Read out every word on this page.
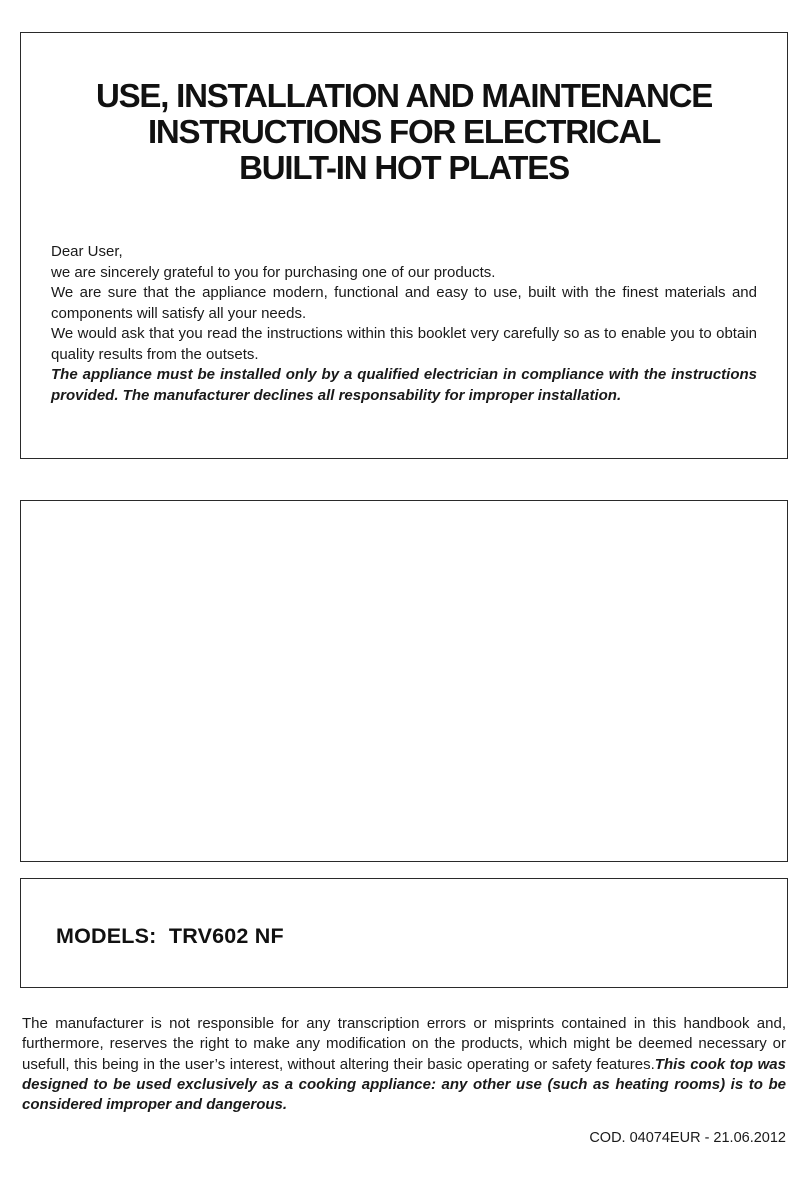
USE, INSTALLATION AND MAINTENANCE
INSTRUCTIONS FOR ELECTRICAL
BUILT-IN HOT PLATES

Dear User,

we are sincerely grateful to you for purchasing one of our products.

We are sure that the appliance modern, functional and easy to use, built with the finest materials and components will satisfy all your needs.

We would ask that you read the instructions within this booklet very carefully so as to enable you to obtain quality results from the outsets.

The appliance must be installed only by a qualified electrician in compliance with the instructions provided. The manufacturer declines all responsability for improper installation.

MODELS: TRV602 NF
The manufacturer is not responsible for any transcription errors or misprints contained in this handbook and, furthermore, reserves the right to make any modification on the products, which might be deemed necessary or usefull, this being in the user’s interest, without altering their basic operating or safety features.This cook top was designed to be used exclusively as a cooking appliance: any other use (such as heating rooms) is to be considered improper and dangerous.
COD. 04074EUR - 21.06.2012
